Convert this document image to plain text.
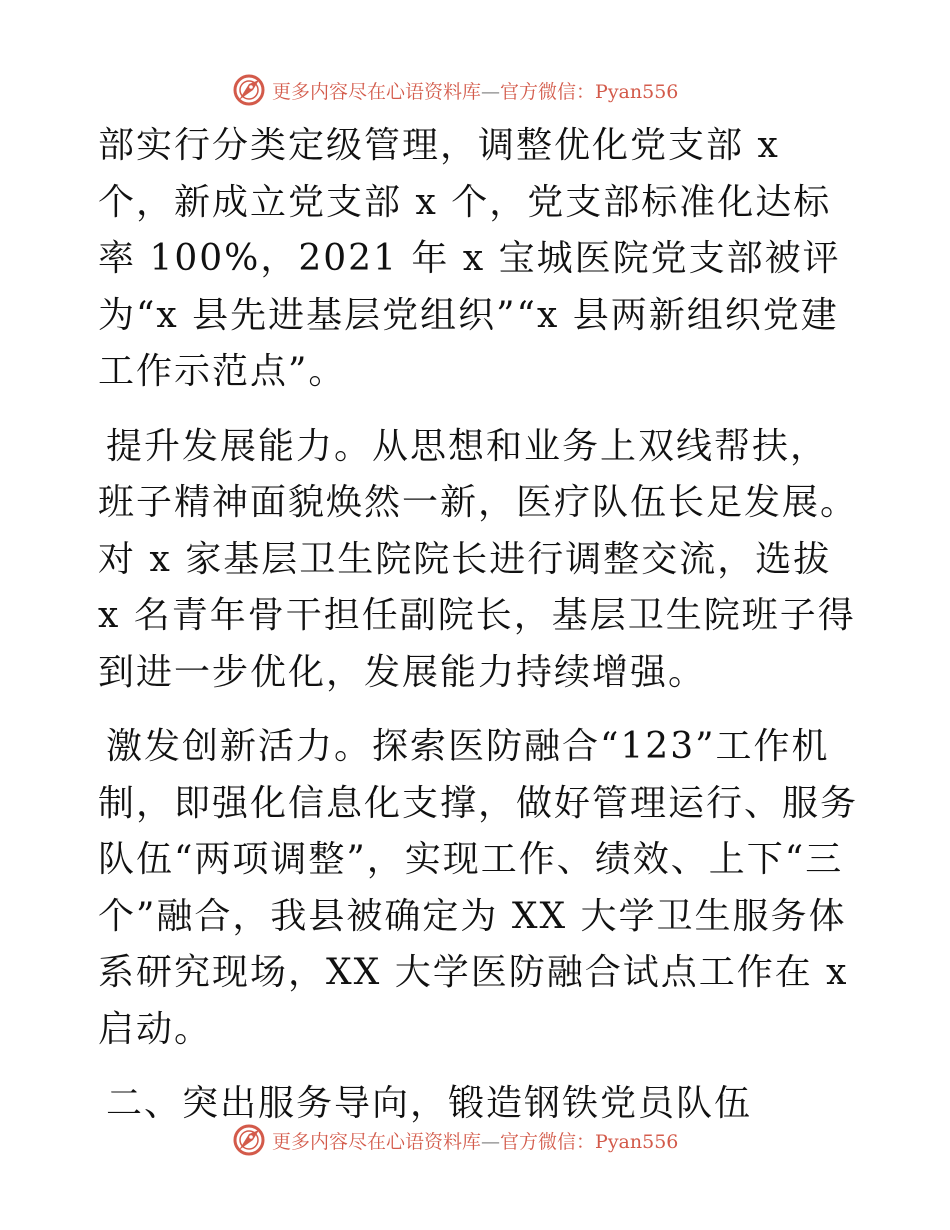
更多内容尽在心语资料库—官方微信：Pyan556

部实行分类定级管理，调整优化党支部 x 个，新成立党支部 x 个，党支部标准化达标率 100%，2021 年 x 宝城医院党支部被评为“x 县先进基层党组织”“x 县两新组织党建工作示范点”。

提升发展能力。从思想和业务上双线帮扶，班子精神面貌焕然一新，医疗队伍长足发展。对 x 家基层卫生院院长进行调整交流，选拔 x 名青年骨干担任副院长，基层卫生院班子得到进一步优化，发展能力持续增强。

激发创新活力。探索医防融合“123”工作机制，即强化信息化支撑，做好管理运行、服务队伍“两项调整”，实现工作、绩效、上下“三个”融合，我县被确定为 XX 大学卫生服务体系研究现场，XX 大学医防融合试点工作在 x 启动。

二、突出服务导向，锻造钢铁党员队伍

更多内容尽在心语资料库—官方微信：Pyan556
